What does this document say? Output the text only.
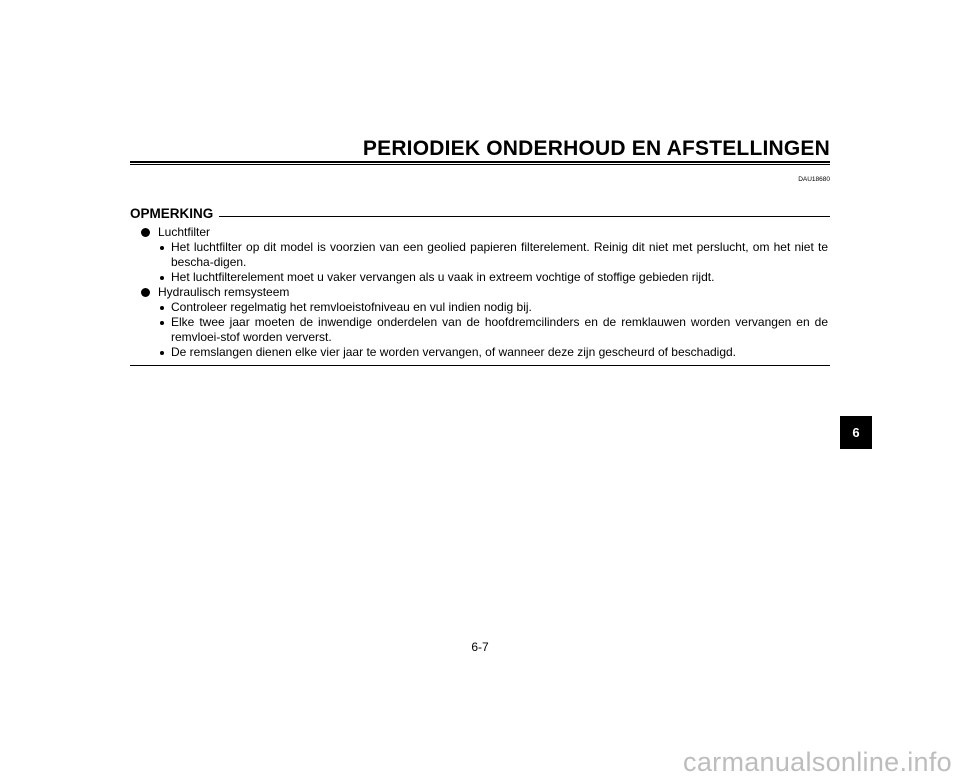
PERIODIEK ONDERHOUD EN AFSTELLINGEN
DAU18680
OPMERKING
Luchtfilter
Het luchtfilter op dit model is voorzien van een geolied papieren filterelement. Reinig dit niet met perslucht, om het niet te bescha-digen.
Het luchtfilterelement moet u vaker vervangen als u vaak in extreem vochtige of stoffige gebieden rijdt.
Hydraulisch remsysteem
Controleer regelmatig het remvloeistofniveau en vul indien nodig bij.
Elke twee jaar moeten de inwendige onderdelen van de hoofdremcilinders en de remklauwen worden vervangen en de remvloei-stof worden ververst.
De remslangen dienen elke vier jaar te worden vervangen, of wanneer deze zijn gescheurd of beschadigd.
6
6-7
carmanualsonline.info
